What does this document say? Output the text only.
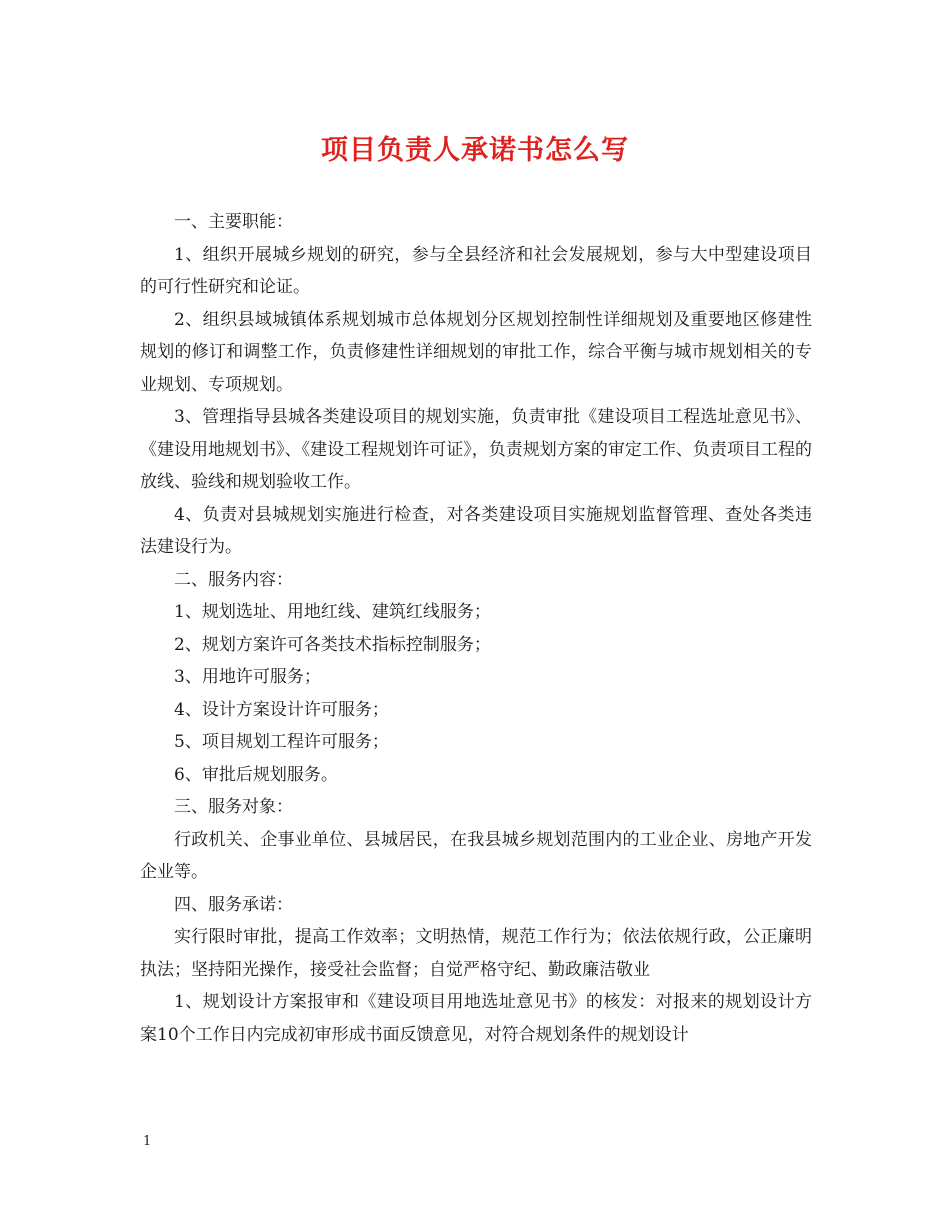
项目负责人承诺书怎么写

一、主要职能：

1、组织开展城乡规划的研究，参与全县经济和社会发展规划，参与大中型建设项目的可行性研究和论证。

2、组织县域城镇体系规划城市总体规划分区规划控制性详细规划及重要地区修建性规划的修订和调整工作，负责修建性详细规划的审批工作，综合平衡与城市规划相关的专业规划、专项规划。

3、管理指导县城各类建设项目的规划实施，负责审批《建设项目工程选址意见书》、《建设用地规划书》、《建设工程规划许可证》，负责规划方案的审定工作、负责项目工程的放线、验线和规划验收工作。

4、负责对县城规划实施进行检查，对各类建设项目实施规划监督管理、查处各类违法建设行为。

二、服务内容：

1、规划选址、用地红线、建筑红线服务；

2、规划方案许可各类技术指标控制服务；

3、用地许可服务；

4、设计方案设计许可服务；

5、项目规划工程许可服务；

6、审批后规划服务。

三、服务对象：

行政机关、企事业单位、县城居民，在我县城乡规划范围内的工业企业、房地产开发企业等。

四、服务承诺：

实行限时审批，提高工作效率；文明热情，规范工作行为；依法依规行政，公正廉明执法；坚持阳光操作，接受社会监督；自觉严格守纪、勤政廉洁敬业

1、规划设计方案报审和《建设项目用地选址意见书》的核发：对报来的规划设计方案10个工作日内完成初审形成书面反馈意见，对符合规划条件的规划设计

1
